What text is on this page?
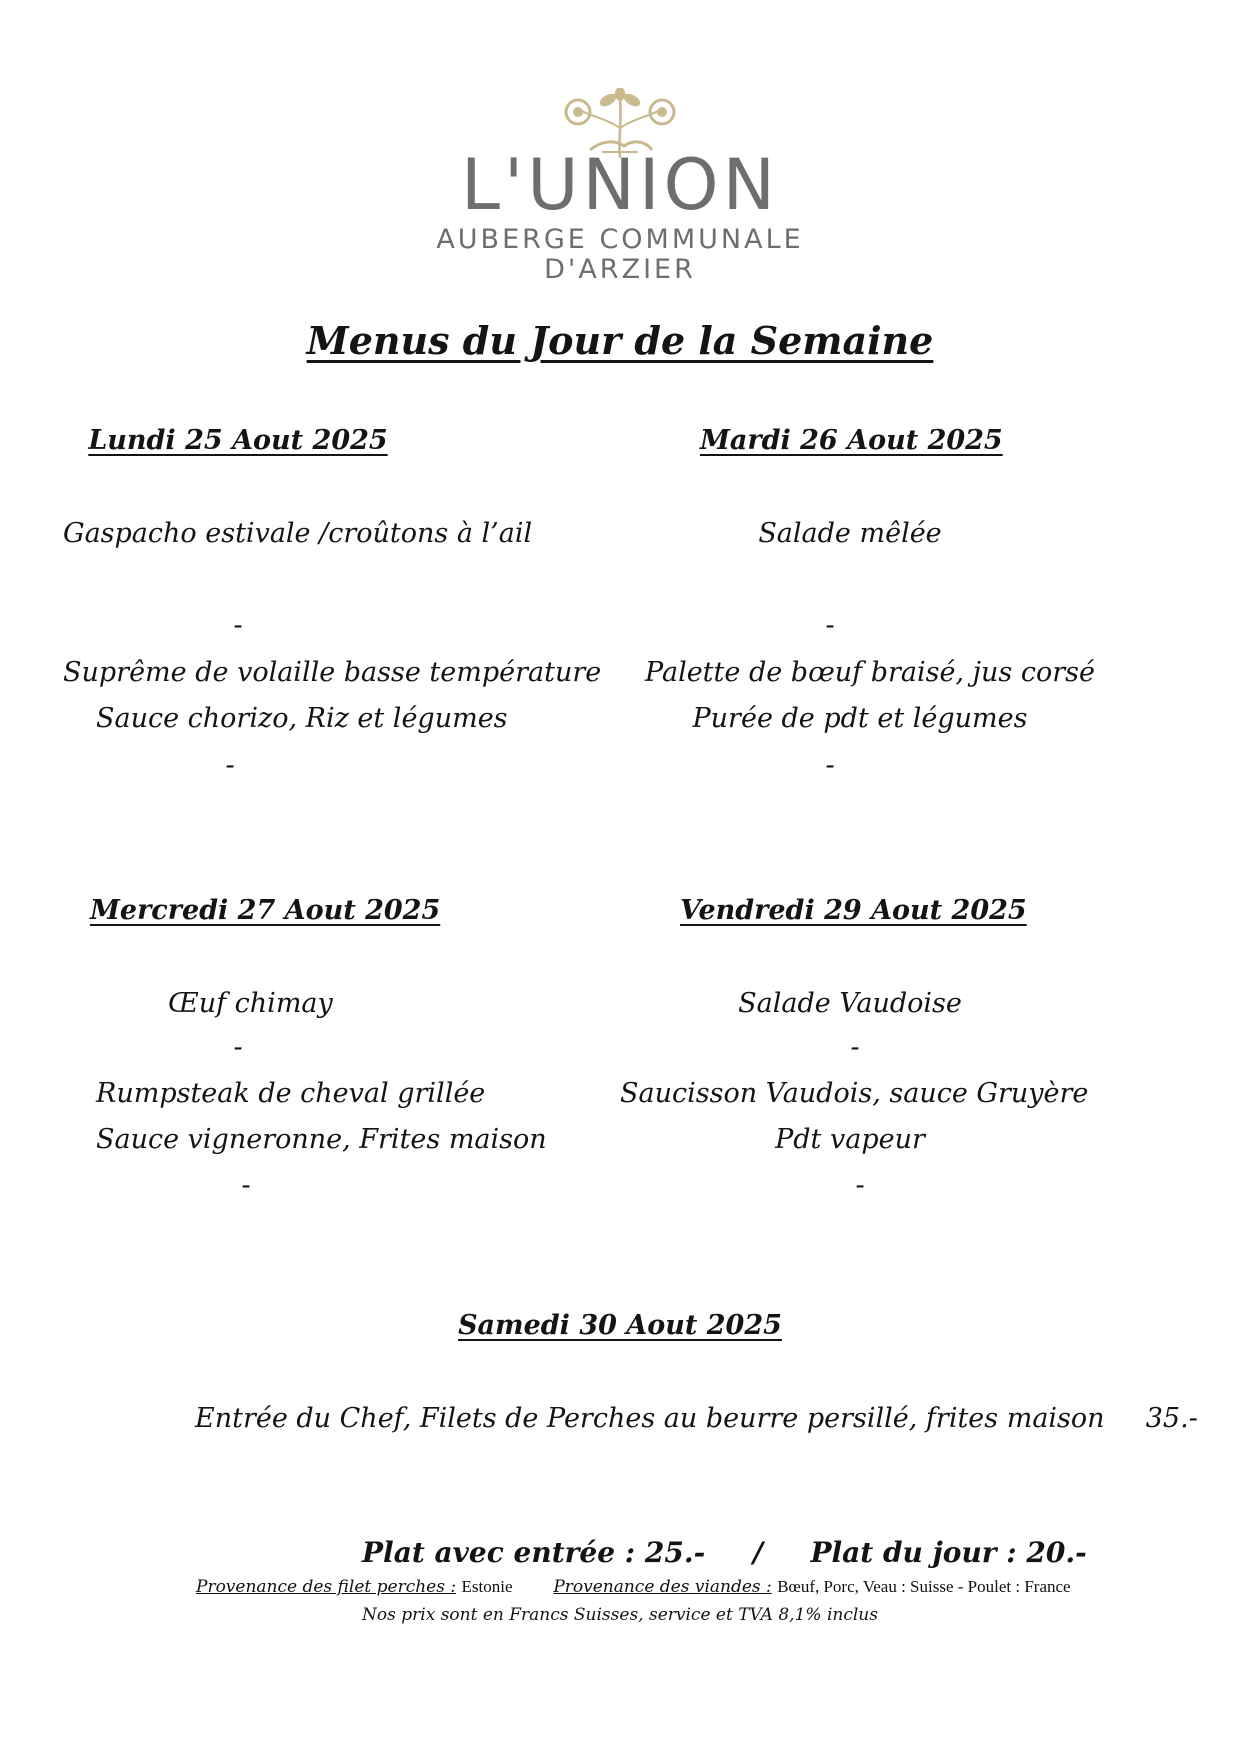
L'UNION
AUBERGE COMMUNALE
D'ARZIER
Menus du Jour de la Semaine
Lundi 25 Aout 2025
Gaspacho estivale /croûtons à l’ail
-
Suprême de volaille basse température
Sauce chorizo, Riz et légumes
-
Mardi 26 Aout 2025
Salade mêlée
-
Palette de bœuf braisé, jus corsé
Purée de pdt et légumes
-
Mercredi 27 Aout 2025
Œuf chimay
-
Rumpsteak de cheval grillée
Sauce vigneronne, Frites maison
-
Vendredi 29 Aout 2025
Salade Vaudoise
-
Saucisson Vaudois, sauce Gruyère
Pdt vapeur
-
Samedi 30 Aout 2025
Entrée du Chef, Filets de Perches au beurre persillé, frites maison 35.-
Plat avec entrée : 25.- / Plat du jour : 20.-
Provenance des filet perches : Estonie Provenance des viandes : Bœuf, Porc, Veau : Suisse - Poulet : France
Nos prix sont en Francs Suisses, service et TVA 8,1% inclus
